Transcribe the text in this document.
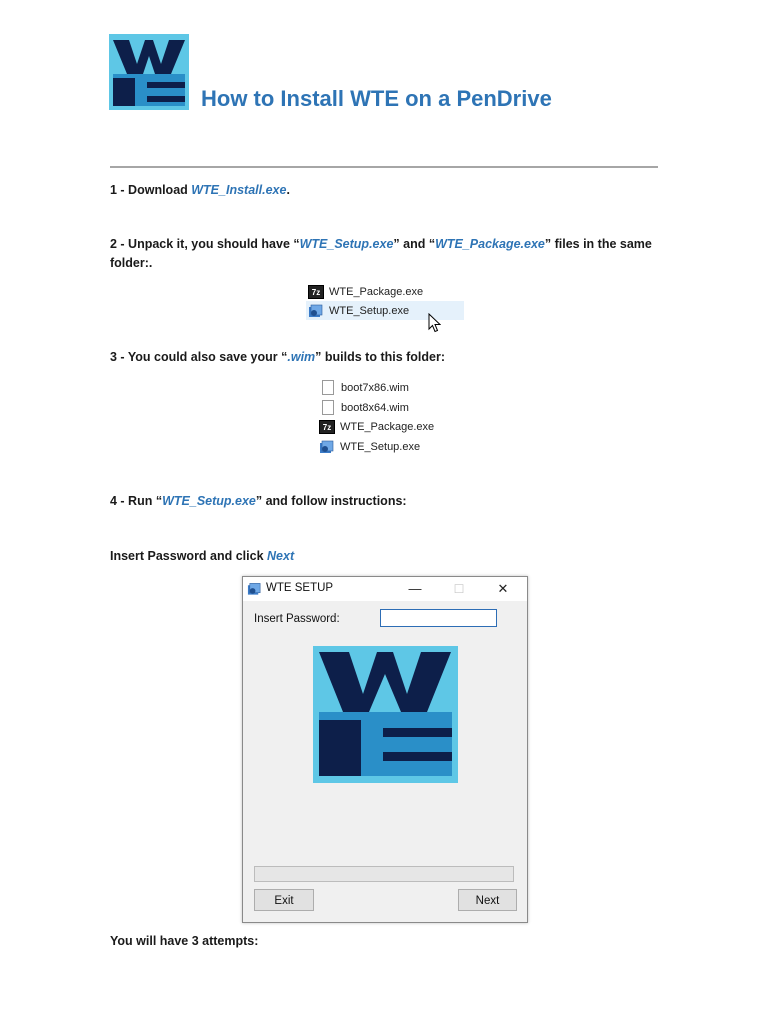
How to Install WTE on a PenDrive
1 - Download WTE_Install.exe.
2 - Unpack it, you should have “WTE_Setup.exe” and “WTE_Package.exe” files in the same
folder:.
7z WTE_Package.exe
WTE_Setup.exe
3 - You could also save your “.wim” builds to this folder:
boot7x86.wim
boot8x64.wim
7z WTE_Package.exe
WTE_Setup.exe
4 - Run “WTE_Setup.exe” and follow instructions:
Insert Password and click Next
WTE SETUP	—	☐	✕
Insert Password:
Exit	Next
You will have 3 attempts:
